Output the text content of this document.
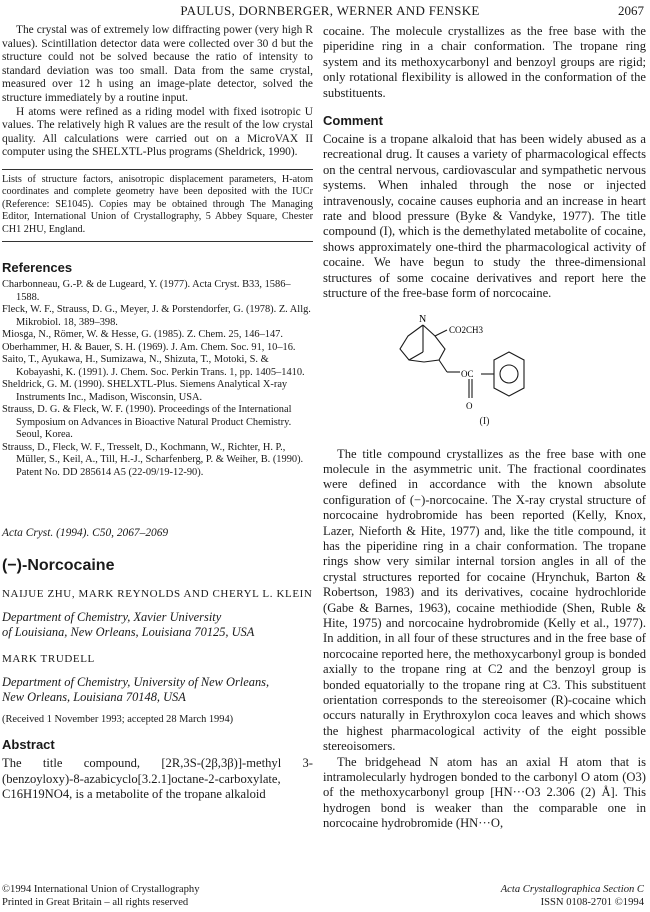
PAULUS, DORNBERGER, WERNER AND FENSKE	2067

The crystal was of extremely low diffracting power (very high R values). Scintillation detector data were collected over 30 d but the structure could not be solved because the ratio of intensity to standard deviation was too small. Data from the same crystal, measured over 12 h using an image-plate detector, solved the structure immediately by a routine input.

H atoms were refined as a riding model with fixed isotropic U values. The relatively high R values are the result of the low crystal quality. All calculations were carried out on a MicroVAX II computer using the SHELXTL-Plus programs (Sheldrick, 1990).

Lists of structure factors, anisotropic displacement parameters, H-atom coordinates and complete geometry have been deposited with the IUCr (Reference: SE1045). Copies may be obtained through The Managing Editor, International Union of Crystallography, 5 Abbey Square, Chester CH1 2HU, England.

References

Charbonneau, G.-P. & de Lugeard, Y. (1977). Acta Cryst. B33, 1586–1588.

Fleck, W. F., Strauss, D. G., Meyer, J. & Porstendorfer, G. (1978). Z. Allg. Mikrobiol. 18, 389–398.

Miosga, N., Römer, W. & Hesse, G. (1985). Z. Chem. 25, 146–147.

Oberhammer, H. & Bauer, S. H. (1969). J. Am. Chem. Soc. 91, 10–16.

Saito, T., Ayukawa, H., Sumizawa, N., Shizuta, T., Motoki, S. & Kobayashi, K. (1991). J. Chem. Soc. Perkin Trans. 1, pp. 1405–1410.

Sheldrick, G. M. (1990). SHELXTL-Plus. Siemens Analytical X-ray Instruments Inc., Madison, Wisconsin, USA.

Strauss, D. G. & Fleck, W. F. (1990). Proceedings of the International Symposium on Advances in Bioactive Natural Product Chemistry. Seoul, Korea.

Strauss, D., Fleck, W. F., Tresselt, D., Kochmann, W., Richter, H. P., Müller, S., Keil, A., Till, H.-J., Scharfenberg, P. & Weiher, B. (1990). Patent No. DD 285614 A5 (22-09/19-12-90).

Acta Cryst. (1994). C50, 2067–2069
(−)-Norcocaine
NAIJUE ZHU, MARK REYNOLDS AND CHERYL L. KLEIN
Department of Chemistry, Xavier University
of Louisiana, New Orleans, Louisiana 70125, USA
MARK TRUDELL
Department of Chemistry, University of New Orleans,
New Orleans, Louisiana 70148, USA
(Received 1 November 1993; accepted 28 March 1994)
Abstract

The title compound, [2R,3S-(2β,3β)]-methyl 3-(benzoyloxy)-8-azabicyclo[3.2.1]octane-2-carboxylate, C16H19NO4, is a metabolite of the tropane alkaloid

cocaine. The molecule crystallizes as the free base with the piperidine ring in a chair conformation. The tropane ring system and its methoxycarbonyl and benzoyl groups are rigid; only rotational flexibility is allowed in the conformation of the substituents.

Comment

Cocaine is a tropane alkaloid that has been widely abused as a recreational drug. It causes a variety of pharmacological effects on the central nervous, cardiovascular and sympathetic nervous systems. When inhaled through the nose or injected intravenously, cocaine causes euphoria and an increase in heart rate and blood pressure (Byke & Vandyke, 1977). The title compound (I), which is the demethylated metabolite of cocaine, shows approximately one-third the pharmacological activity of cocaine. We have begun to study the three-dimensional structures of some cocaine derivatives and report here the structure of the free-base form of norcocaine.

N
CO2CH3
OC
O
(I)

The title compound crystallizes as the free base with one molecule in the asymmetric unit. The fractional coordinates were defined in accordance with the known absolute configuration of (−)-norcocaine. The X-ray crystal structure of norcocaine hydrobromide has been reported (Kelly, Knox, Lazer, Nieforth & Hite, 1977) and, like the title compound, it has the piperidine ring in a chair conformation. The tropane rings show very similar internal torsion angles in all of the crystal structures reported for cocaine (Hrynchuk, Barton & Robertson, 1983) and its derivatives, cocaine hydrochloride (Gabe & Barnes, 1963), cocaine methiodide (Shen, Ruble & Hite, 1975) and norcocaine hydrobromide (Kelly et al., 1977). In addition, in all four of these structures and in the free base of norcocaine reported here, the methoxycarbonyl group is bonded axially to the tropane ring at C2 and the benzoyl group is bonded equatorially to the tropane ring at C3. This substituent orientation corresponds to the stereoisomer (R)-cocaine which occurs naturally in Erythroxylon coca leaves and which shows the highest pharmacological activity of the eight possible stereoisomers.

The bridgehead N atom has an axial H atom that is intramolecularly hydrogen bonded to the carbonyl O atom (O3) of the methoxycarbonyl group [HN···O3 2.306 (2) Å]. This hydrogen bond is weaker than the comparable one in norcocaine hydrobromide (HN···O,

©1994 International Union of Crystallography
Printed in Great Britain – all rights reserved
Acta Crystallographica Section C
ISSN 0108-2701 ©1994
